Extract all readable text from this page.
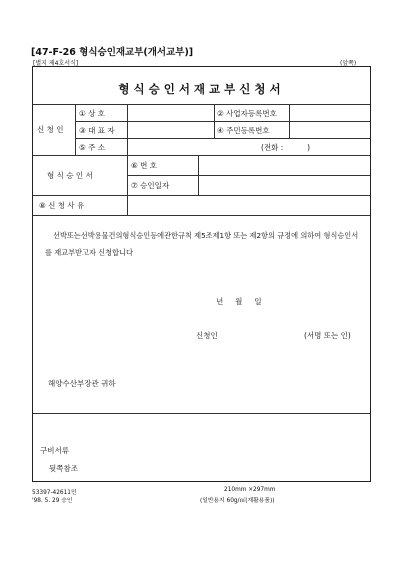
[47-F-26 형식승인재교부(개서교부)]
[별지 제4호서식]	(앞쪽)
형식승인서재교부신청서
신 청 인
① 상 호	② 사업자등록번호
③ 대 표 자	④ 주민등록번호
⑤ 주 소	(전화 :          )
형 식 승 인 서
⑥ 번 호
⑦ 승인일자
⑧ 신 청 사 유
선박또는선박용물건의형식승인등에관한규칙 제5조제1항 또는 제2항의 규정에 의하여 형식승인서를 재교부받고자 신청합니다
년     월     일
신청인	(서명 또는 인)
해양수산부장관 귀하
구비서류
뒷쪽참조
53397-42611민
'98. 5. 29 승인
210mm ×297mm
(일반용지 60g/㎡(재활용품))
